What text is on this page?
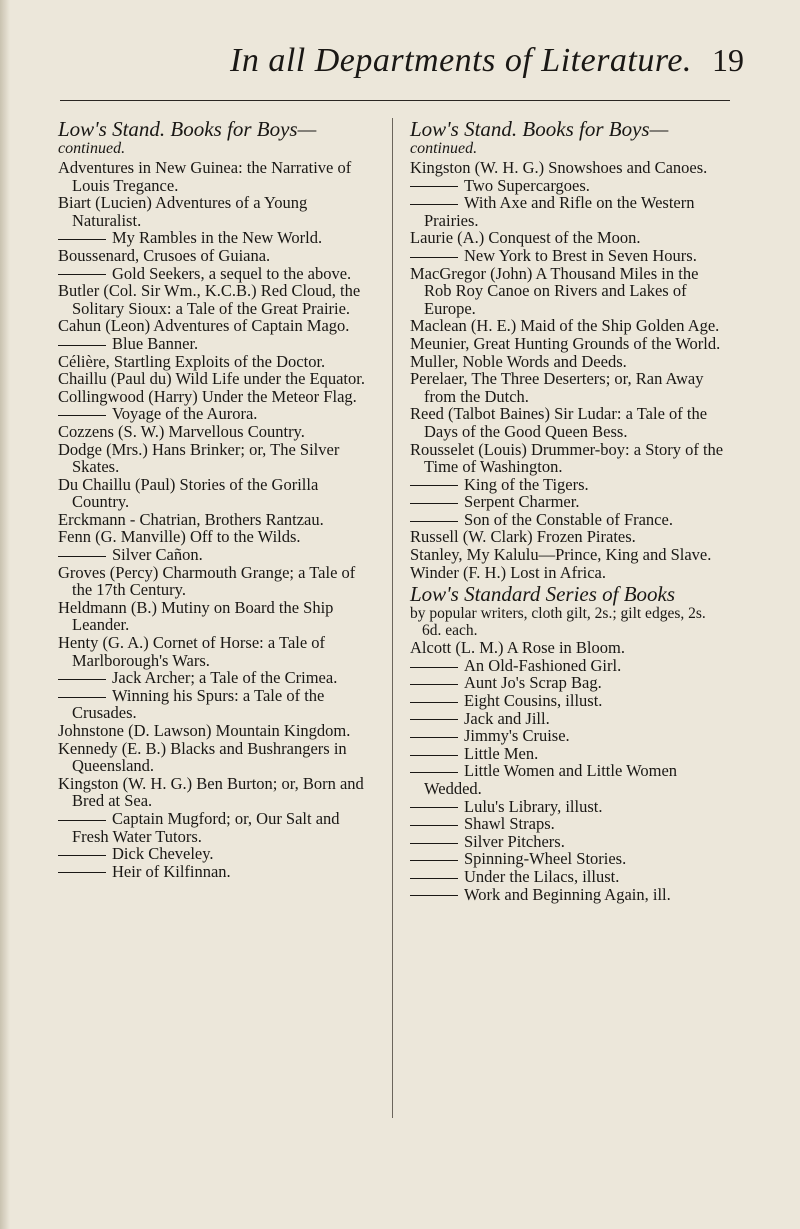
In all Departments of Literature. 19
Low's Stand. Books for Boys—
continued.
Adventures in New Guinea: the Narrative of Louis Tregance.
Biart (Lucien) Adventures of a Young Naturalist.
My Rambles in the New World.
Boussenard, Crusoes of Guiana.
Gold Seekers, a sequel to the above.
Butler (Col. Sir Wm., K.C.B.) Red Cloud, the Solitary Sioux: a Tale of the Great Prairie.
Cahun (Leon) Adventures of Captain Mago.
Blue Banner.
Célière, Startling Exploits of the Doctor.
Chaillu (Paul du) Wild Life under the Equator.
Collingwood (Harry) Under the Meteor Flag.
Voyage of the Aurora.
Cozzens (S. W.) Marvellous Country.
Dodge (Mrs.) Hans Brinker; or, The Silver Skates.
Du Chaillu (Paul) Stories of the Gorilla Country.
Erckmann - Chatrian, Brothers Rantzau.
Fenn (G. Manville) Off to the Wilds.
Silver Cañon.
Groves (Percy) Charmouth Grange; a Tale of the 17th Century.
Heldmann (B.) Mutiny on Board the Ship Leander.
Henty (G. A.) Cornet of Horse: a Tale of Marlborough's Wars.
Jack Archer; a Tale of the Crimea.
Winning his Spurs: a Tale of the Crusades.
Johnstone (D. Lawson) Mountain Kingdom.
Kennedy (E. B.) Blacks and Bushrangers in Queensland.
Kingston (W. H. G.) Ben Burton; or, Born and Bred at Sea.
Captain Mugford; or, Our Salt and Fresh Water Tutors.
Dick Cheveley.
Heir of Kilfinnan.
Low's Stand. Books for Boys—
continued.
Kingston (W. H. G.) Snowshoes and Canoes.
Two Supercargoes.
With Axe and Rifle on the Western Prairies.
Laurie (A.) Conquest of the Moon.
New York to Brest in Seven Hours.
MacGregor (John) A Thousand Miles in the Rob Roy Canoe on Rivers and Lakes of Europe.
Maclean (H. E.) Maid of the Ship Golden Age.
Meunier, Great Hunting Grounds of the World.
Muller, Noble Words and Deeds.
Perelaer, The Three Deserters; or, Ran Away from the Dutch.
Reed (Talbot Baines) Sir Ludar: a Tale of the Days of the Good Queen Bess.
Rousselet (Louis) Drummer-boy: a Story of the Time of Washington.
King of the Tigers.
Serpent Charmer.
Son of the Constable of France.
Russell (W. Clark) Frozen Pirates.
Stanley, My Kalulu—Prince, King and Slave.
Winder (F. H.) Lost in Africa.
Low's Standard Series of Books
by popular writers, cloth gilt, 2s.; gilt edges, 2s. 6d. each.
Alcott (L. M.) A Rose in Bloom.
An Old-Fashioned Girl.
Aunt Jo's Scrap Bag.
Eight Cousins, illust.
Jack and Jill.
Jimmy's Cruise.
Little Men.
Little Women and Little Women Wedded.
Lulu's Library, illust.
Shawl Straps.
Silver Pitchers.
Spinning-Wheel Stories.
Under the Lilacs, illust.
Work and Beginning Again, ill.
